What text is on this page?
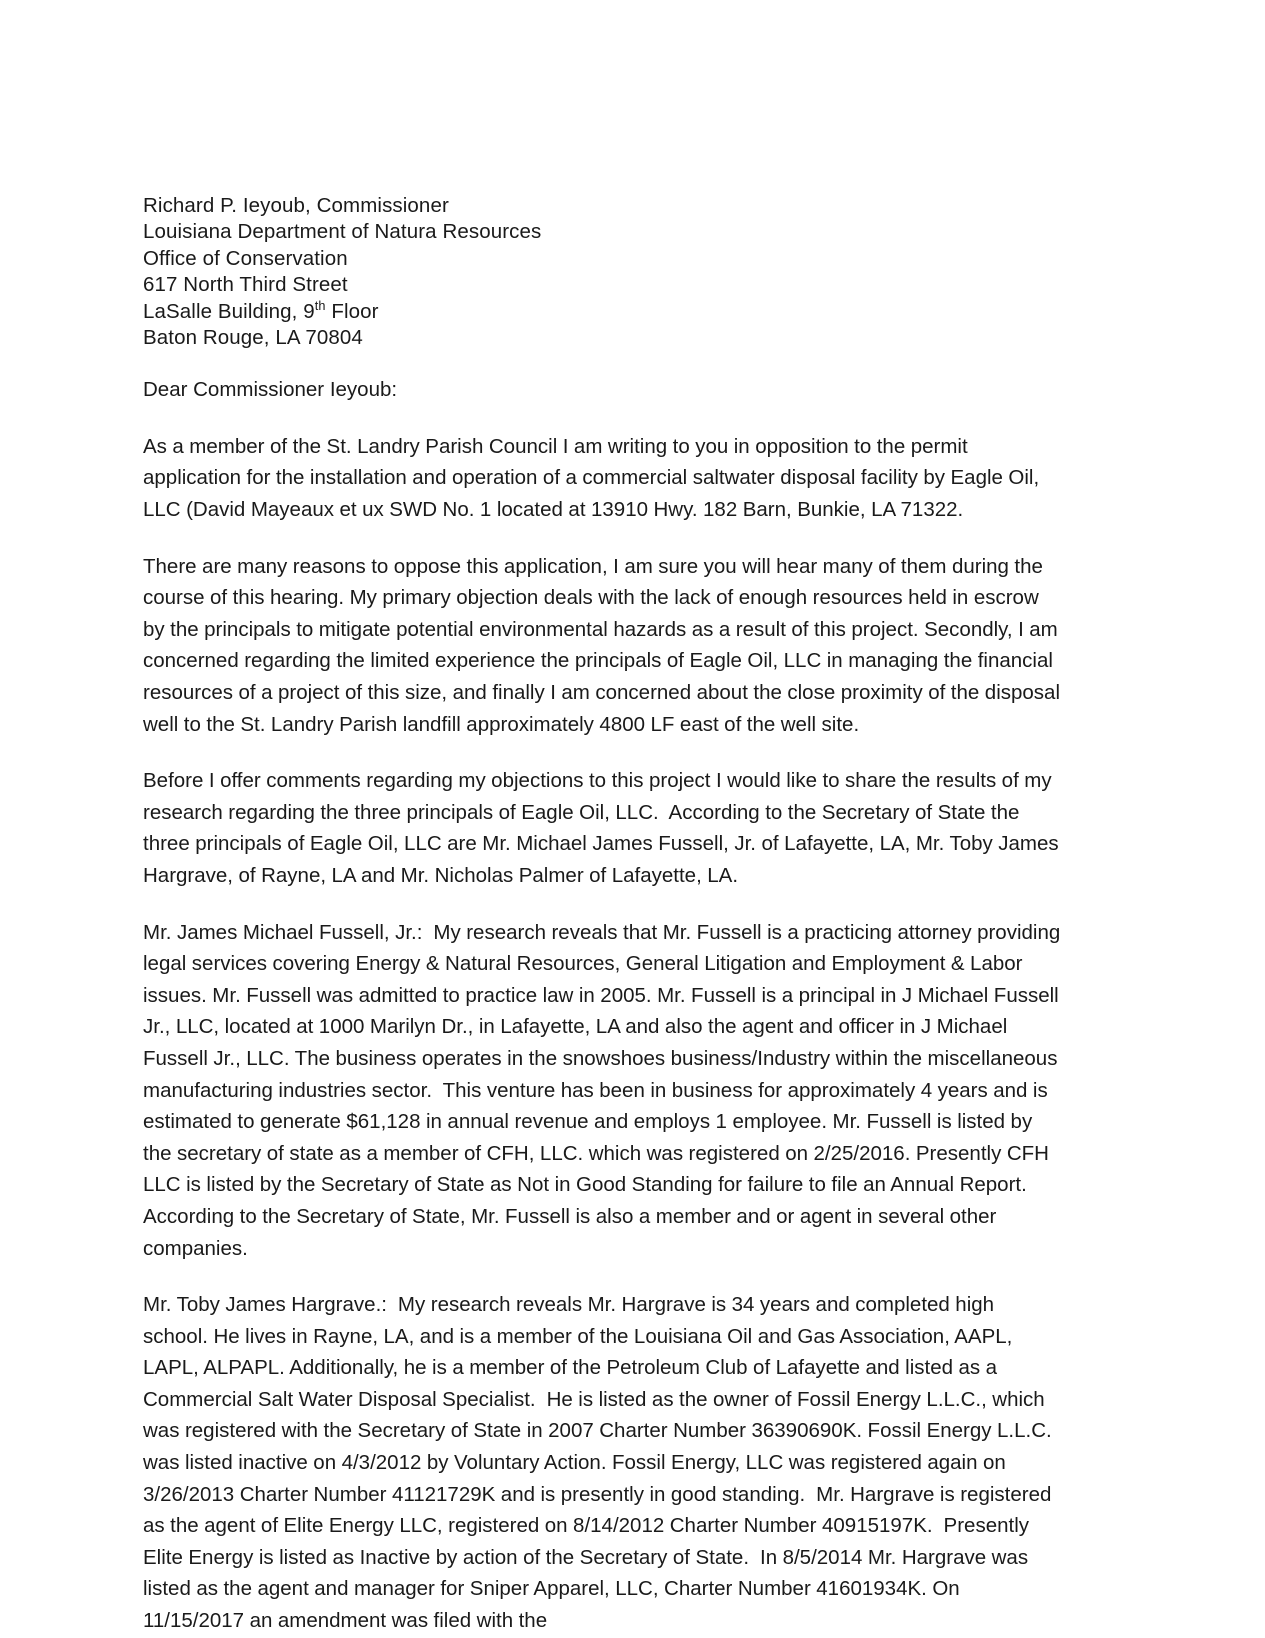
Richard P. Ieyoub, Commissioner
Louisiana Department of Natura Resources
Office of Conservation
617 North Third Street
LaSalle Building, 9th Floor
Baton Rouge, LA 70804
Dear Commissioner Ieyoub:

As a member of the St. Landry Parish Council I am writing to you in opposition to the permit application for the installation and operation of a commercial saltwater disposal facility by Eagle Oil, LLC (David Mayeaux et ux SWD No. 1 located at 13910 Hwy. 182 Barn, Bunkie, LA 71322.

There are many reasons to oppose this application, I am sure you will hear many of them during the course of this hearing. My primary objection deals with the lack of enough resources held in escrow by the principals to mitigate potential environmental hazards as a result of this project. Secondly, I am concerned regarding the limited experience the principals of Eagle Oil, LLC in managing the financial resources of a project of this size, and finally I am concerned about the close proximity of the disposal well to the St. Landry Parish landfill approximately 4800 LF east of the well site.

Before I offer comments regarding my objections to this project I would like to share the results of my research regarding the three principals of Eagle Oil, LLC.  According to the Secretary of State the three principals of Eagle Oil, LLC are Mr. Michael James Fussell, Jr. of Lafayette, LA, Mr. Toby James Hargrave, of Rayne, LA and Mr. Nicholas Palmer of Lafayette, LA.

Mr. James Michael Fussell, Jr.:  My research reveals that Mr. Fussell is a practicing attorney providing legal services covering Energy & Natural Resources, General Litigation and Employment & Labor issues. Mr. Fussell was admitted to practice law in 2005. Mr. Fussell is a principal in J Michael Fussell Jr., LLC, located at 1000 Marilyn Dr., in Lafayette, LA and also the agent and officer in J Michael Fussell Jr., LLC. The business operates in the snowshoes business/Industry within the miscellaneous manufacturing industries sector.  This venture has been in business for approximately 4 years and is estimated to generate $61,128 in annual revenue and employs 1 employee. Mr. Fussell is listed by the secretary of state as a member of CFH, LLC. which was registered on 2/25/2016. Presently CFH LLC is listed by the Secretary of State as Not in Good Standing for failure to file an Annual Report. According to the Secretary of State, Mr. Fussell is also a member and or agent in several other companies.

Mr. Toby James Hargrave.:  My research reveals Mr. Hargrave is 34 years and completed high school. He lives in Rayne, LA, and is a member of the Louisiana Oil and Gas Association, AAPL, LAPL, ALPAPL. Additionally, he is a member of the Petroleum Club of Lafayette and listed as a Commercial Salt Water Disposal Specialist.  He is listed as the owner of Fossil Energy L.L.C., which was registered with the Secretary of State in 2007 Charter Number 36390690K. Fossil Energy L.L.C. was listed inactive on 4/3/2012 by Voluntary Action. Fossil Energy, LLC was registered again on 3/26/2013 Charter Number 41121729K and is presently in good standing.  Mr. Hargrave is registered as the agent of Elite Energy LLC, registered on 8/14/2012 Charter Number 40915197K.  Presently Elite Energy is listed as Inactive by action of the Secretary of State.  In 8/5/2014 Mr. Hargrave was listed as the agent and manager for Sniper Apparel, LLC, Charter Number 41601934K. On 11/15/2017 an amendment was filed with the
